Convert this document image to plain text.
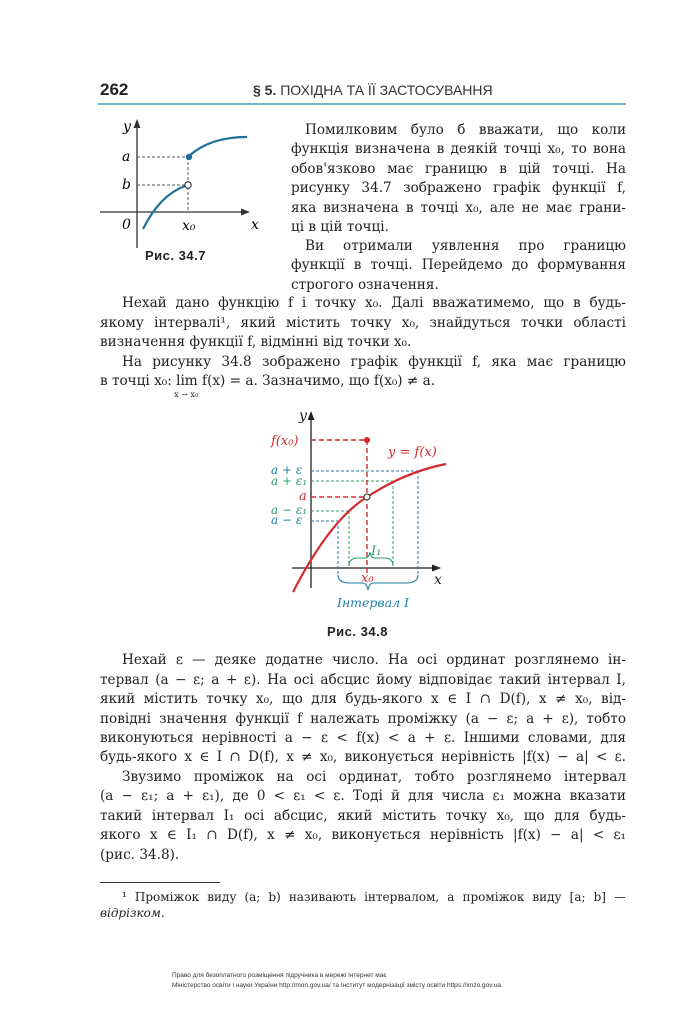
262	§ 5. ПОХІДНА ТА ЇЇ ЗАСТОСУВАННЯ
y
a
b
0	x₀	x
Рис. 34.7
Помилковим було б вважати, що коли
функція визначена в деякій точці x₀, то вона
обов'язково має границю в цій точці. На
рисунку 34.7 зображено графік функції f,
яка визначена в точці x₀, але не має грани-
ці в цій точці.
Ви отримали уявлення про границю
функції в точці. Перейдемо до формування
строгого означення.
Нехай дано функцію f і точку x₀. Далі вважатимемо, що в будь-
якому інтервалі¹, який містить точку x₀, знайдуться точки області
визначення функції f, відмінні від точки x₀.
На рисунку 34.8 зображено графік функції f, яка має границю
в точці x₀: lim
x → x₀
f(x) = a. Зазначимо, що f(x₀) ≠ a.
y
f(x₀)
y = f(x)
a + ε
a + ε₁
a
a − ε₁
a − ε
I₁
x₀	x
Інтервал I
Рис. 34.8
Нехай ε — деяке додатне число. На осі ординат розглянемо ін-
тервал (a − ε; a + ε). На осі абсцис йому відповідає такий інтервал I,
який містить точку x₀, що для будь-якого x ∈ I ∩ D(f), x ≠ x₀, від-
повідні значення функції f належать проміжку (a − ε; a + ε), тобто
виконуються нерівності a − ε < f(x) < a + ε. Іншими словами, для
будь-якого x ∈ I ∩ D(f), x ≠ x₀, виконується нерівність |f(x) − a| < ε.
Звузимо проміжок на осі ординат, тобто розглянемо інтервал
(a − ε₁; a + ε₁), де 0 < ε₁ < ε. Тоді й для числа ε₁ можна вказати
такий інтервал I₁ осі абсцис, який містить точку x₀, що для будь-
якого x ∈ I₁ ∩ D(f), x ≠ x₀, виконується нерівність |f(x) − a| < ε₁
(рис. 34.8).
¹ Проміжок виду (a; b) називають інтервалом, а проміжок виду [a; b] —
відрізком.
Право для безоплатного розміщення підручника в мережі Інтернет має
Міністерство освіти і науки України http://mon.gov.ua/ та Інститут модернізації змісту освіти https://imzo.gov.ua
